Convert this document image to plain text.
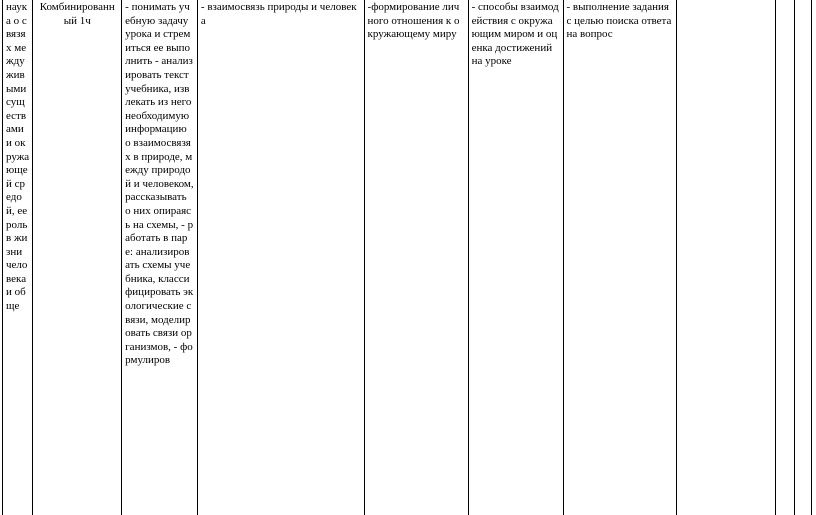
наука о связях между живыми существами и окружающей средой, ее роль в жизни человека и обще

Комбинированный 1ч

- понимать учебную задачу урока и стремиться ее выполнить - анализировать текст учебника, извлекать из него необходимую информацию о взаимосвязях в природе, между природой и человеком, рассказывать о них опираясь на схемы, - работать в паре: анализировать схемы учебника, классифицировать экологические связи, моделировать связи организмов, - формулиров

- взаимосвязь природы и человека

-формирование личного отношения к окружающему миру

- способы взаимодействия с окружающим миром и оценка достижений на уроке

- выполнение задания с целью поиска ответа на вопрос
